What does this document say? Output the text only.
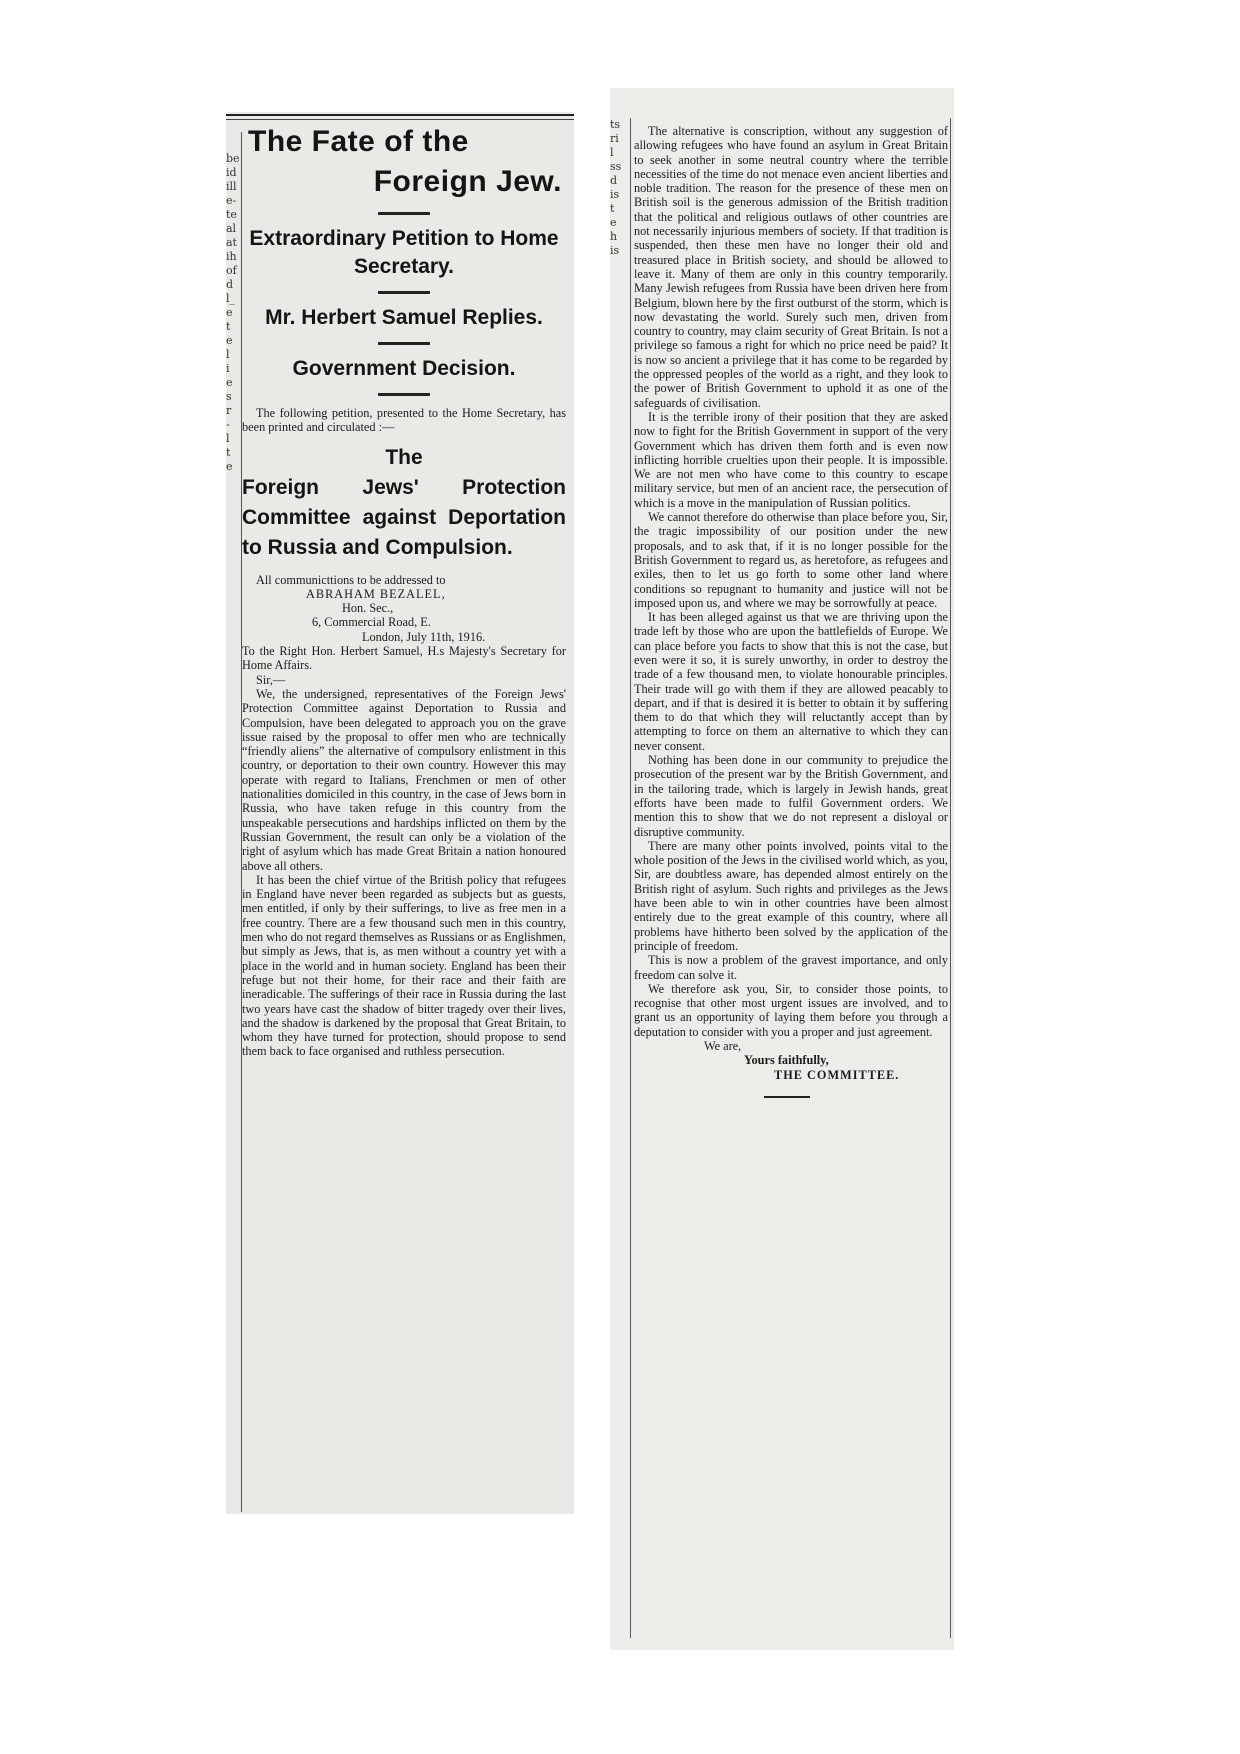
be
id
ill
e-
te
al
at
ih
of
d
l_
e
t
e
l
i
e
s
r
-
l
t
e
The Fate of the
Foreign Jew.
Extraordinary Petition to Home Secretary.
Mr. Herbert Samuel Replies.
Government Decision.

The following petition, presented to the Home Secretary, has been printed and circulated :—

The
Foreign Jews' Protection Committee against Deportation to Russia and Compulsion.

All communicttions to be addressed to

ABRAHAM BEZALEL,

Hon. Sec.,

6, Commercial Road, E.

London, July 11th, 1916.

To the Right Hon. Herbert Samuel, H.s Majesty's Secretary for Home Affairs.

Sir,—

We, the undersigned, representatives of the Foreign Jews' Protection Committee against Deportation to Russia and Compulsion, have been delegated to approach you on the grave issue raised by the proposal to offer men who are technically “friendly aliens” the alternative of compulsory enlistment in this country, or deportation to their own country. However this may operate with regard to Italians, Frenchmen or men of other nationalities domiciled in this country, in the case of Jews born in Russia, who have taken refuge in this country from the unspeakable persecutions and hardships inflicted on them by the Russian Government, the result can only be a violation of the right of asylum which has made Great Britain a nation honoured above all others.

It has been the chief virtue of the British policy that refugees in England have never been regarded as subjects but as guests, men entitled, if only by their sufferings, to live as free men in a free country. There are a few thousand such men in this country, men who do not regard themselves as Russians or as Englishmen, but simply as Jews, that is, as men without a country yet with a place in the world and in human society. England has been their refuge but not their home, for their race and their faith are ineradicable. The sufferings of their race in Russia during the last two years have cast the shadow of bitter tragedy over their lives, and the shadow is darkened by the proposal that Great Britain, to whom they have turned for protection, should propose to send them back to face organised and ruthless persecution.

ts
ri
l
ss
d
is
t
e
h
is

The alternative is conscription, without any suggestion of allowing refugees who have found an asylum in Great Britain to seek another in some neutral country where the terrible necessities of the time do not menace even ancient liberties and noble tradition. The reason for the presence of these men on British soil is the generous admission of the British tradition that the political and religious outlaws of other countries are not necessarily injurious members of society. If that tradition is suspended, then these men have no longer their old and treasured place in British society, and should be allowed to leave it. Many of them are only in this country temporarily. Many Jewish refugees from Russia have been driven here from Belgium, blown here by the first outburst of the storm, which is now devastating the world. Surely such men, driven from country to country, may claim security of Great Britain. Is not a privilege so famous a right for which no price need be paid? It is now so ancient a privilege that it has come to be regarded by the oppressed peoples of the world as a right, and they look to the power of British Government to uphold it as one of the safeguards of civilisation.

It is the terrible irony of their position that they are asked now to fight for the British Government in support of the very Government which has driven them forth and is even now inflicting horrible cruelties upon their people. It is impossible. We are not men who have come to this country to escape military service, but men of an ancient race, the persecution of which is a move in the manipulation of Russian politics.

We cannot therefore do otherwise than place before you, Sir, the tragic impossibility of our position under the new proposals, and to ask that, if it is no longer possible for the British Government to regard us, as heretofore, as refugees and exiles, then to let us go forth to some other land where conditions so repugnant to humanity and justice will not be imposed upon us, and where we may be sorrowfully at peace.

It has been alleged against us that we are thriving upon the trade left by those who are upon the battlefields of Europe. We can place before you facts to show that this is not the case, but even were it so, it is surely unworthy, in order to destroy the trade of a few thousand men, to violate honourable principles. Their trade will go with them if they are allowed peacably to depart, and if that is desired it is better to obtain it by suffering them to do that which they will reluctantly accept than by attempting to force on them an alternative to which they can never consent.

Nothing has been done in our community to prejudice the prosecution of the present war by the British Government, and in the tailoring trade, which is largely in Jewish hands, great efforts have been made to fulfil Government orders. We mention this to show that we do not represent a disloyal or disruptive community.

There are many other points involved, points vital to the whole position of the Jews in the civilised world which, as you, Sir, are doubtless aware, has depended almost entirely on the British right of asylum. Such rights and privileges as the Jews have been able to win in other countries have been almost entirely due to the great example of this country, where all problems have hitherto been solved by the application of the principle of freedom.

This is now a problem of the gravest importance, and only freedom can solve it.

We therefore ask you, Sir, to consider those points, to recognise that other most urgent issues are involved, and to grant us an opportunity of laying them before you through a deputation to consider with you a proper and just agreement.

We are,

Yours faithfully,

THE COMMITTEE.
